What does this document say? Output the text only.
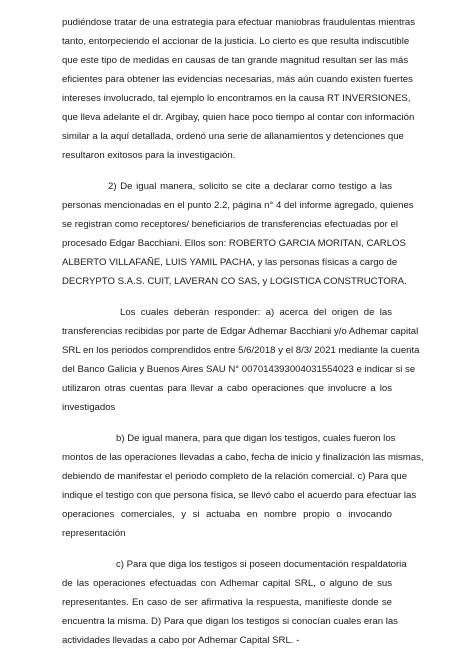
pudiéndose tratar de una estrategia para efectuar maniobras fraudulentas mientras
tanto, entorpeciendo el accionar de la justicia. Lo cierto es que resulta indiscutible
que este tipo de medidas en causas de tan grande magnitud resultan ser las más
eficientes para obtener las evidencias necesarias, más aún cuando existen fuertes
intereses involucrado, tal ejemplo lo encontramos en la causa RT INVERSIONES,
que lleva adelante el dr. Argibay, quien hace poco tiempo al contar con información
similar a la aquí detallada, ordenó una serie de allanamientos y detenciones que
resultaron exitosos para la investigación.
2) De igual manera, solicito se cite a declarar como testigo a las
personas mencionadas en el punto 2.2, página n° 4 del informe agregado, quienes
se registran como receptores/ beneficiarios de transferencias efectuadas por el
procesado Edgar Bacchiani. Ellos son: ROBERTO GARCIA MORITAN, CARLOS
ALBERTO VILLAFAÑE, LUIS YAMIL PACHA, y las personas físicas a cargo de
DECRYPTO S.A.S. CUIT, LAVERAN CO SAS, y LOGISTICA CONSTRUCTORA.
Los cuales deberán responder: a) acerca del origen de las
transferencias recibidas por parte de Edgar Adhemar Bacchiani y/o Adhemar capital
SRL en los periodos comprendidos entre 5/6/2018 y el 8/3/ 2021 mediante la cuenta
del Banco Galicia y Buenos Aires SAU N° 007014393004031554023 e indicar si se
utilizaron otras cuentas para llevar a cabo operaciones que involucre a los
investigados
b) De igual manera, para que digan los testigos, cuales fueron los
montos de las operaciones llevadas a cabo, fecha de inicio y finalización las mismas,
debiendo de manifestar el periodo completo de la relación comercial. c) Para que
indique el testigo con que persona física, se llevó cabo el acuerdo para efectuar las
operaciones comerciales, y si actuaba en nombre propio o invocando
representación
c) Para que diga los testigos si poseen documentación respaldatoria
de las operaciones efectuadas con Adhemar capital SRL, o alguno de sus
representantes. En caso de ser afirmativa la respuesta, manifieste donde se
encuentra la misma. D) Para que digan los testigos si conocían cuales eran las
actividades llevadas a cabo por Adhemar Capital SRL. -
